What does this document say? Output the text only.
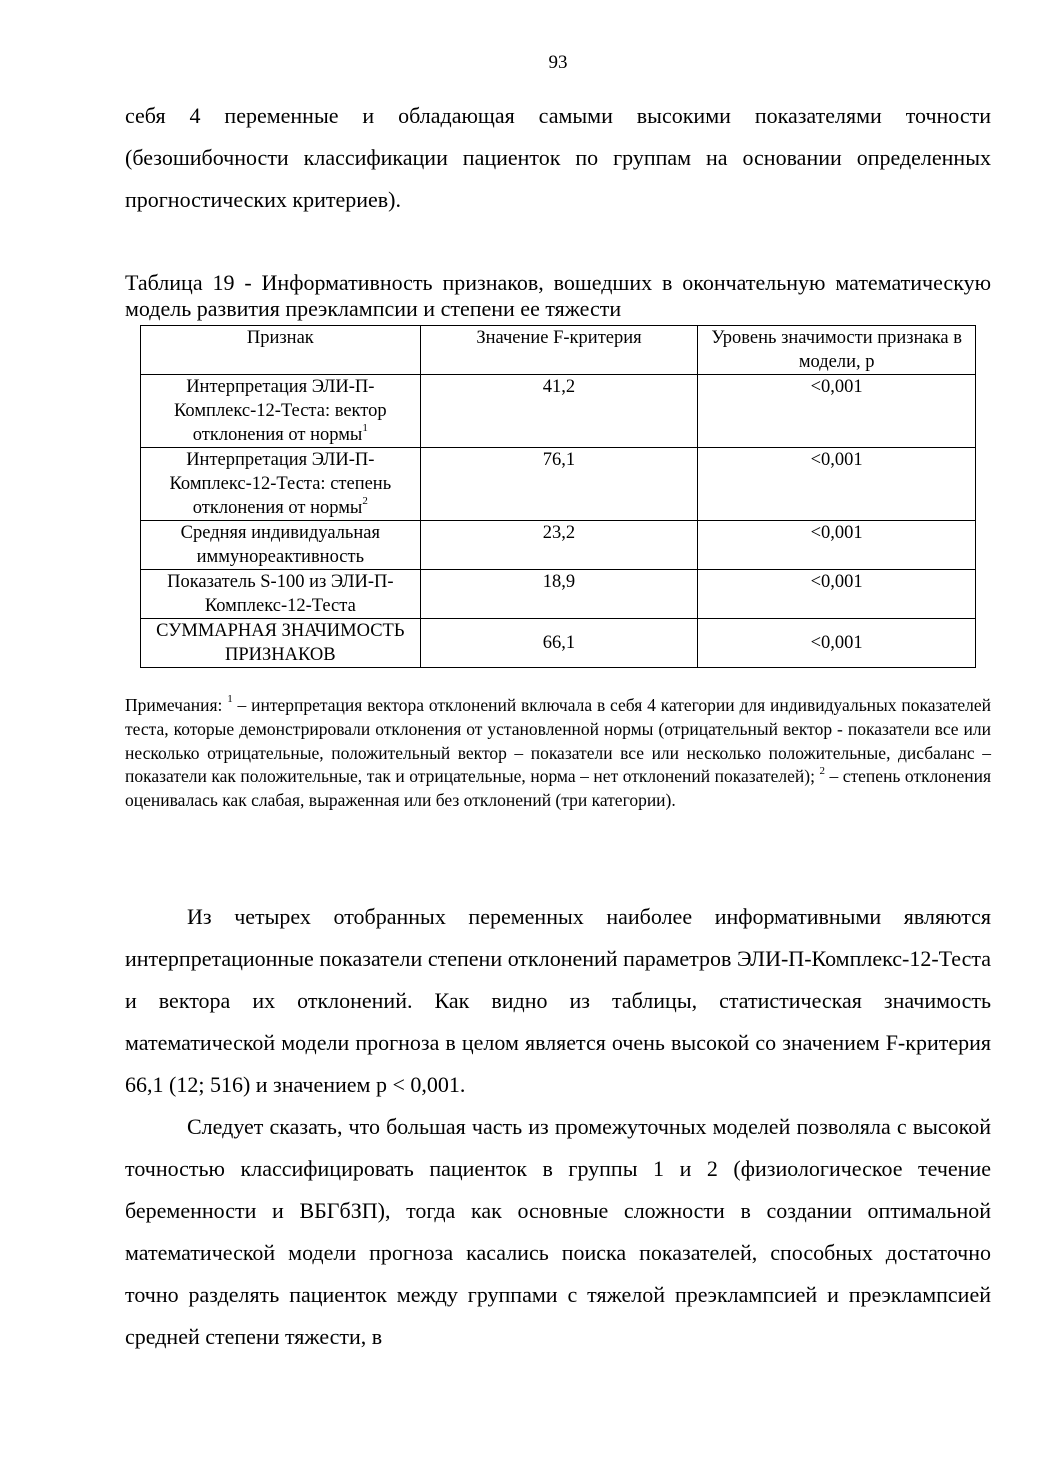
93

себя 4 переменные и обладающая самыми высокими показателями точности (безошибочности классификации пациенток по группам на основании определенных прогностических критериев).

Таблица 19 - Информативность признаков, вошедших в окончательную математическую модель развития преэклампсии и степени ее тяжести

Признак	Значение F-критерия	Уровень значимости признака в модели, p
Интерпретация ЭЛИ-П-Комплекс-12-Теста: вектор отклонения от нормы$^1$	41,2	<0,001
Интерпретация ЭЛИ-П-Комплекс-12-Теста: степень отклонения от нормы$^2$	76,1	<0,001
Средняя индивидуальная иммунореактивность	23,2	<0,001
Показатель S-100 из ЭЛИ-П-Комплекс-12-Теста	18,9	<0,001
СУММАРНАЯ ЗНАЧИМОСТЬ ПРИЗНАКОВ	66,1	<0,001

Примечания: $^1$ – интерпретация вектора отклонений включала в себя 4 категории для индивидуальных показателей теста, которые демонстрировали отклонения от установленной нормы (отрицательный вектор - показатели все или несколько отрицательные, положительный вектор – показатели все или несколько положительные, дисбаланс – показатели как положительные, так и отрицательные, норма – нет отклонений показателей); $^2$ – степень отклонения оценивалась как слабая, выраженная или без отклонений (три категории).

Из четырех отобранных переменных наиболее информативными являются интерпретационные показатели степени отклонений параметров ЭЛИ-П-Комплекс-12-Теста и вектора их отклонений. Как видно из таблицы, статистическая значимость математической модели прогноза в целом является очень высокой со значением F-критерия 66,1 (12; 516) и значением р < 0,001.

Следует сказать, что большая часть из промежуточных моделей позволяла с высокой точностью классифицировать пациенток в группы 1 и 2 (физиологическое течение беременности и ВБГбЗП), тогда как основные сложности в создании оптимальной математической модели прогноза касались поиска показателей, способных достаточно точно разделять пациенток между группами с тяжелой преэклампсией и преэклампсией средней степени тяжести, в
